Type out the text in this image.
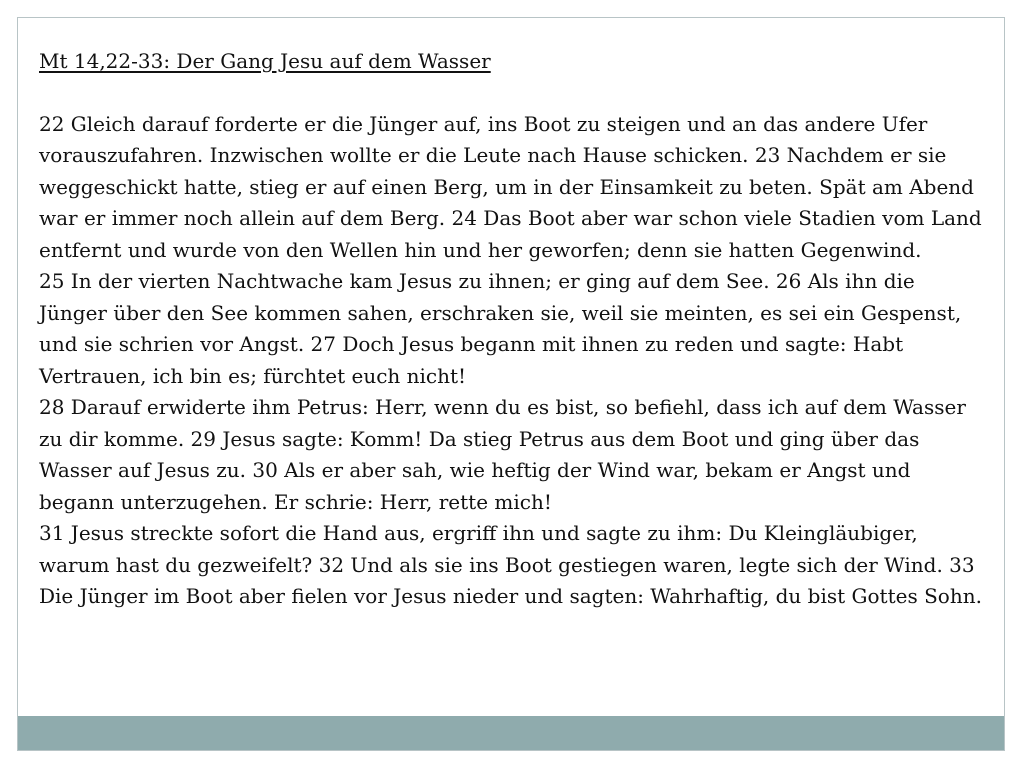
Mt 14,22-33: Der Gang Jesu auf dem Wasser

22 Gleich darauf forderte er die Jünger auf, ins Boot zu steigen und an das andere Ufer vorauszufahren. Inzwischen wollte er die Leute nach Hause schicken. 23 Nachdem er sie weggeschickt hatte, stieg er auf einen Berg, um in der Einsamkeit zu beten. Spät am Abend war er immer noch allein auf dem Berg. 24 Das Boot aber war schon viele Stadien vom Land entfernt und wurde von den Wellen hin und her geworfen; denn sie hatten Gegenwind.

25 In der vierten Nachtwache kam Jesus zu ihnen; er ging auf dem See. 26 Als ihn die Jünger über den See kommen sahen, erschraken sie, weil sie meinten, es sei ein Gespenst, und sie schrien vor Angst. 27 Doch Jesus begann mit ihnen zu reden und sagte: Habt Vertrauen, ich bin es; fürchtet euch nicht!

28 Darauf erwiderte ihm Petrus: Herr, wenn du es bist, so befiehl, dass ich auf dem Wasser zu dir komme. 29 Jesus sagte: Komm! Da stieg Petrus aus dem Boot und ging über das Wasser auf Jesus zu. 30 Als er aber sah, wie heftig der Wind war, bekam er Angst und begann unterzugehen. Er schrie: Herr, rette mich!

31 Jesus streckte sofort die Hand aus, ergriff ihn und sagte zu ihm: Du Kleingläubiger, warum hast du gezweifelt? 32 Und als sie ins Boot gestiegen waren, legte sich der Wind. 33 Die Jünger im Boot aber fielen vor Jesus nieder und sagten: Wahrhaftig, du bist Gottes Sohn.
